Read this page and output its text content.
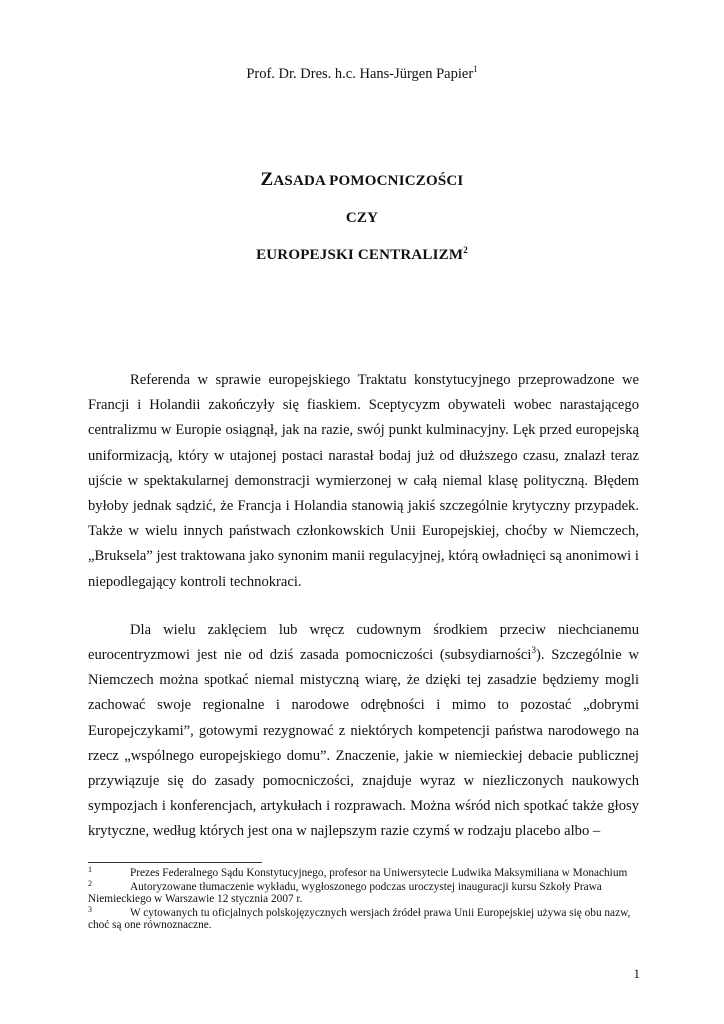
Prof. Dr. Dres. h.c. Hans-Jürgen Papier$^1$
ZASADA POMOCNICZOŚCI
CZY
EUROPEJSKI CENTRALIZM$^2$

Referenda w sprawie europejskiego Traktatu konstytucyjnego przeprowadzone we Francji i Holandii zakończyły się fiaskiem. Sceptycyzm obywateli wobec narastającego centralizmu w Europie osiągnął, jak na razie, swój punkt kulminacyjny. Lęk przed europejską uniformizacją, który w utajonej postaci narastał bodaj już od dłuższego czasu, znalazł teraz ujście w spektakularnej demonstracji wymierzonej w całą niemal klasę polityczną. Błędem byłoby jednak sądzić, że Francja i Holandia stanowią jakiś szczególnie krytyczny przypadek. Także w wielu innych państwach członkowskich Unii Europejskiej, choćby w Niemczech, „Bruksela” jest traktowana jako synonim manii regulacyjnej, którą owładnięci są anonimowi i niepodlegający kontroli technokraci.

Dla wielu zaklęciem lub wręcz cudownym środkiem przeciw niechcianemu eurocentryzmowi jest nie od dziś zasada pomocniczości (subsydiarności$^3$). Szczególnie w Niemczech można spotkać niemal mistyczną wiarę, że dzięki tej zasadzie będziemy mogli zachować swoje regionalne i narodowe odrębności i mimo to pozostać „dobrymi Europejczykami”, gotowymi rezygnować z niektórych kompetencji państwa narodowego na rzecz „wspólnego europejskiego domu”. Znaczenie, jakie w niemieckiej debacie publicznej przywiązuje się do zasady pomocniczości, znajduje wyraz w niezliczonych naukowych sympozjach i konferencjach, artykułach i rozprawach. Można wśród nich spotkać także głosy krytyczne, według których jest ona w najlepszym razie czymś w rodzaju placebo albo –

1	Prezes Federalnego Sądu Konstytucyjnego, profesor na Uniwersytecie Ludwika Maksymiliana w Monachium
2	Autoryzowane tłumaczenie wykładu, wygłoszonego podczas uroczystej inauguracji kursu Szkoły Prawa Niemieckiego w Warszawie 12 stycznia 2007 r.
3	W cytowanych tu oficjalnych polskojęzycznych wersjach źródeł prawa Unii Europejskiej używa się obu nazw, choć są one równoznaczne.
1
